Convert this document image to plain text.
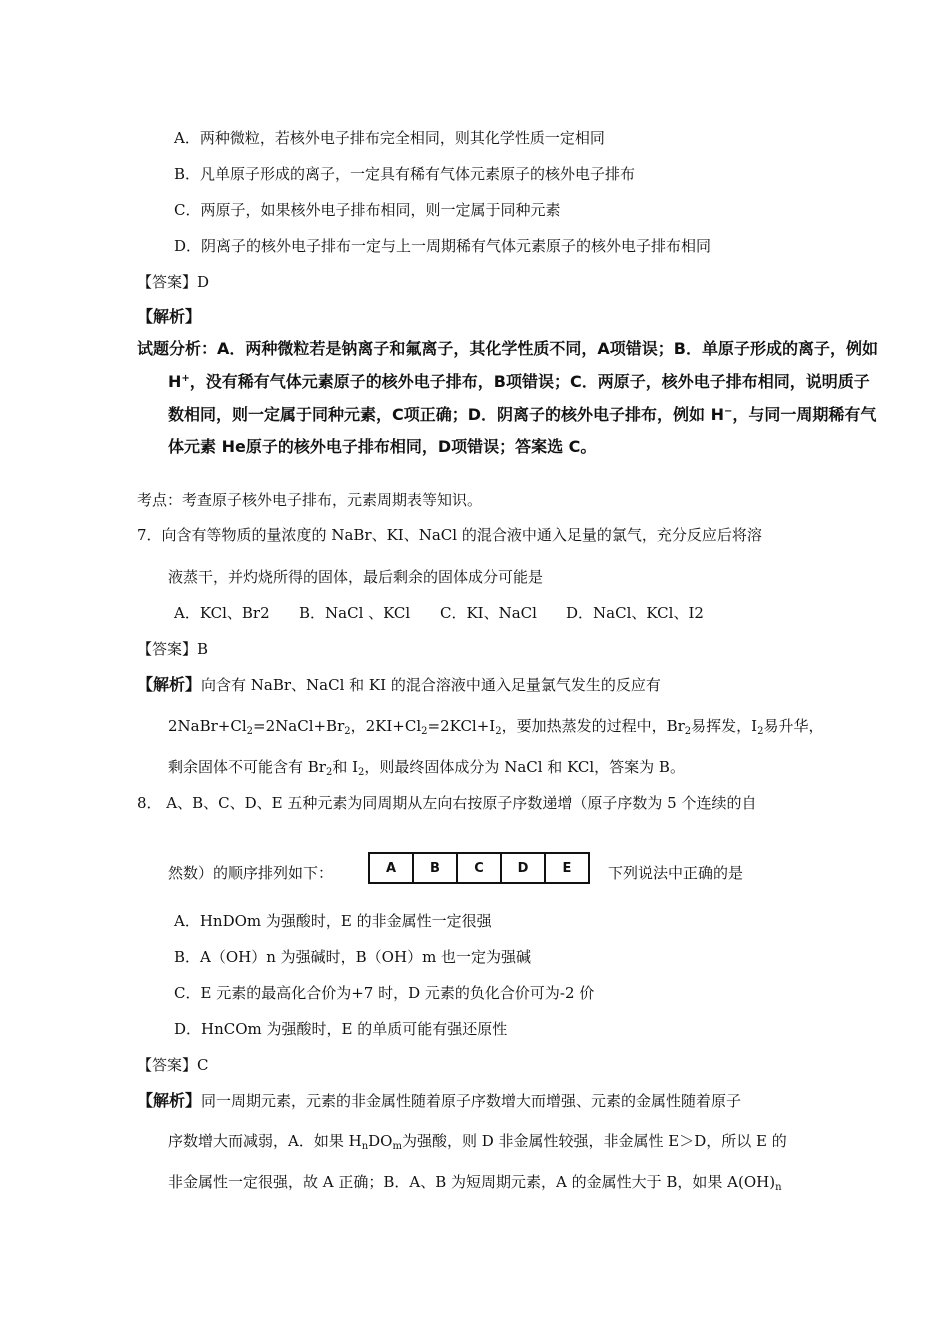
A．两种微粒，若核外电子排布完全相同，则其化学性质一定相同
B．凡单原子形成的离子，一定具有稀有气体元素原子的核外电子排布
C．两原子，如果核外电子排布相同，则一定属于同种元素
D．阴离子的核外电子排布一定与上一周期稀有气体元素原子的核外电子排布相同
【答案】D
【解析】
试题分析：A．两种微粒若是钠离子和氟离子，其化学性质不同，A项错误；B．单原子形成的离子，例如
H+，没有稀有气体元素原子的核外电子排布，B项错误；C．两原子，核外电子排布相同，说明质子
数相同，则一定属于同种元素，C项正确；D．阴离子的核外电子排布，例如 H−，与同一周期稀有气
体元素 He原子的核外电子排布相同，D项错误；答案选 C。
考点：考查原子核外电子排布，元素周期表等知识。
7．向含有等物质的量浓度的 NaBr、KI、NaCl 的混合液中通入足量的氯气，充分反应后将溶
液蒸干，并灼烧所得的固体，最后剩余的固体成分可能是
A．KCl、Br2 B．NaCl 、KCl C．KI、NaCl D．NaCl、KCl、I2
【答案】B
【解析】向含有 NaBr、NaCl 和 KI 的混合溶液中通入足量氯气发生的反应有
$2NaBr+Cl_2=2NaCl+Br_2$，$2KI+Cl_2=2KCl+I_2$，要加热蒸发的过程中，$Br_2$易挥发，$I_2$易升华，
剩余固体不可能含有 $Br_2$和 $I_2$，则最终固体成分为 NaCl 和 KCl，答案为 B。
8． A、B、C、D、E 五种元素为同周期从左向右按原子序数递增（原子序数为 5 个连续的自
然数）的顺序排列如下：	A	B	C	D	E	下列说法中正确的是
A．HnDOm 为强酸时，E 的非金属性一定很强
B．A（OH）n 为强碱时，B（OH）m 也一定为强碱
C．E 元素的最高化合价为+7 时，D 元素的负化合价可为-2 价
D．HnCOm 为强酸时，E 的单质可能有强还原性
【答案】C
【解析】同一周期元素，元素的非金属性随着原子序数增大而增强、元素的金属性随着原子
序数增大而减弱，A．如果 $H_nDO_m$为强酸，则 D 非金属性较强，非金属性 E＞D，所以 E 的
非金属性一定很强，故 A 正确；B．A、B 为短周期元素，A 的金属性大于 B，如果 $A(OH)_n$
